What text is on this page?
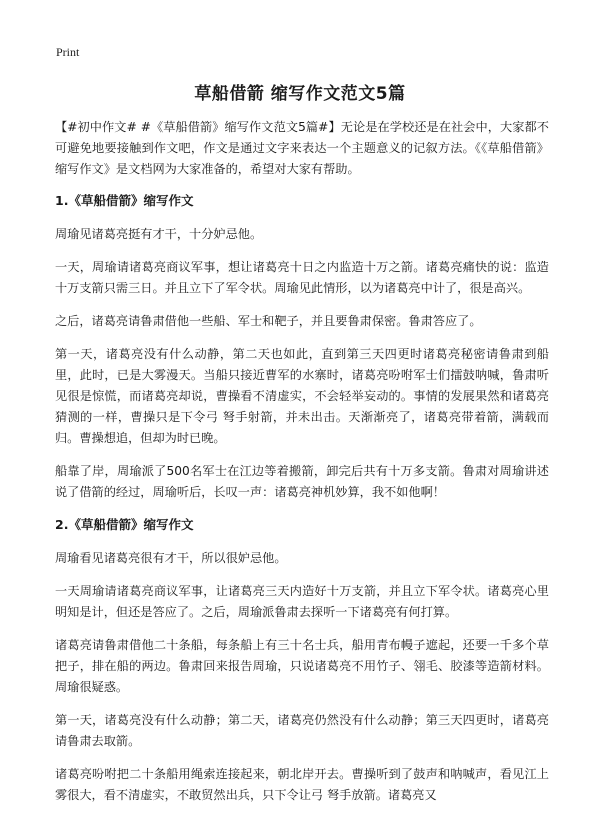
Print
草船借箭 缩写作文范文5篇

【#初中作文# #《草船借箭》缩写作文范文5篇#】无论是在学校还是在社会中，大家都不可避免地要接触到作文吧，作文是通过文字来表达一个主题意义的记叙方法。《《草船借箭》缩写作文》是文档网为大家准备的，希望对大家有帮助。

1.《草船借箭》缩写作文

周瑜见诸葛亮挺有才干，十分妒忌他。

一天，周瑜请诸葛亮商议军事，想让诸葛亮十日之内监造十万之箭。诸葛亮痛快的说：监造十万支箭只需三日。并且立下了军令状。周瑜见此情形，以为诸葛亮中计了，很是高兴。

之后，诸葛亮请鲁肃借他一些船、军士和靶子，并且要鲁肃保密。鲁肃答应了。

第一天，诸葛亮没有什么动静，第二天也如此，直到第三天四更时诸葛亮秘密请鲁肃到船里，此时，已是大雾漫天。当船只接近曹军的水寨时，诸葛亮吩咐军士们擂鼓呐喊，鲁肃听见很是惊慌，而诸葛亮却说，曹操看不清虚实，不会轻举妄动的。事情的发展果然和诸葛亮猜测的一样，曹操只是下令弓 弩手射箭，并未出击。天渐渐亮了，诸葛亮带着箭，满载而归。曹操想追，但却为时已晚。

船靠了岸，周瑜派了500名军士在江边等着搬箭，卸完后共有十万多支箭。鲁肃对周瑜讲述说了借箭的经过，周瑜听后，长叹一声：诸葛亮神机妙算，我不如他啊！

2.《草船借箭》缩写作文

周瑜看见诸葛亮很有才干，所以很妒忌他。

一天周瑜请诸葛亮商议军事，让诸葛亮三天内造好十万支箭，并且立下军令状。诸葛亮心里明知是计，但还是答应了。之后，周瑜派鲁肃去探听一下诸葛亮有何打算。

诸葛亮请鲁肃借他二十条船，每条船上有三十名士兵，船用青布幔子遮起，还要一千多个草把子，排在船的两边。鲁肃回来报告周瑜，只说诸葛亮不用竹子、翎毛、胶漆等造箭材料。周瑜很疑惑。

第一天，诸葛亮没有什么动静；第二天，诸葛亮仍然没有什么动静；第三天四更时，诸葛亮请鲁肃去取箭。

诸葛亮吩咐把二十条船用绳索连接起来，朝北岸开去。曹操听到了鼓声和呐喊声，看见江上雾很大，看不清虚实，不敢贸然出兵，只下令让弓 弩手放箭。诸葛亮又
